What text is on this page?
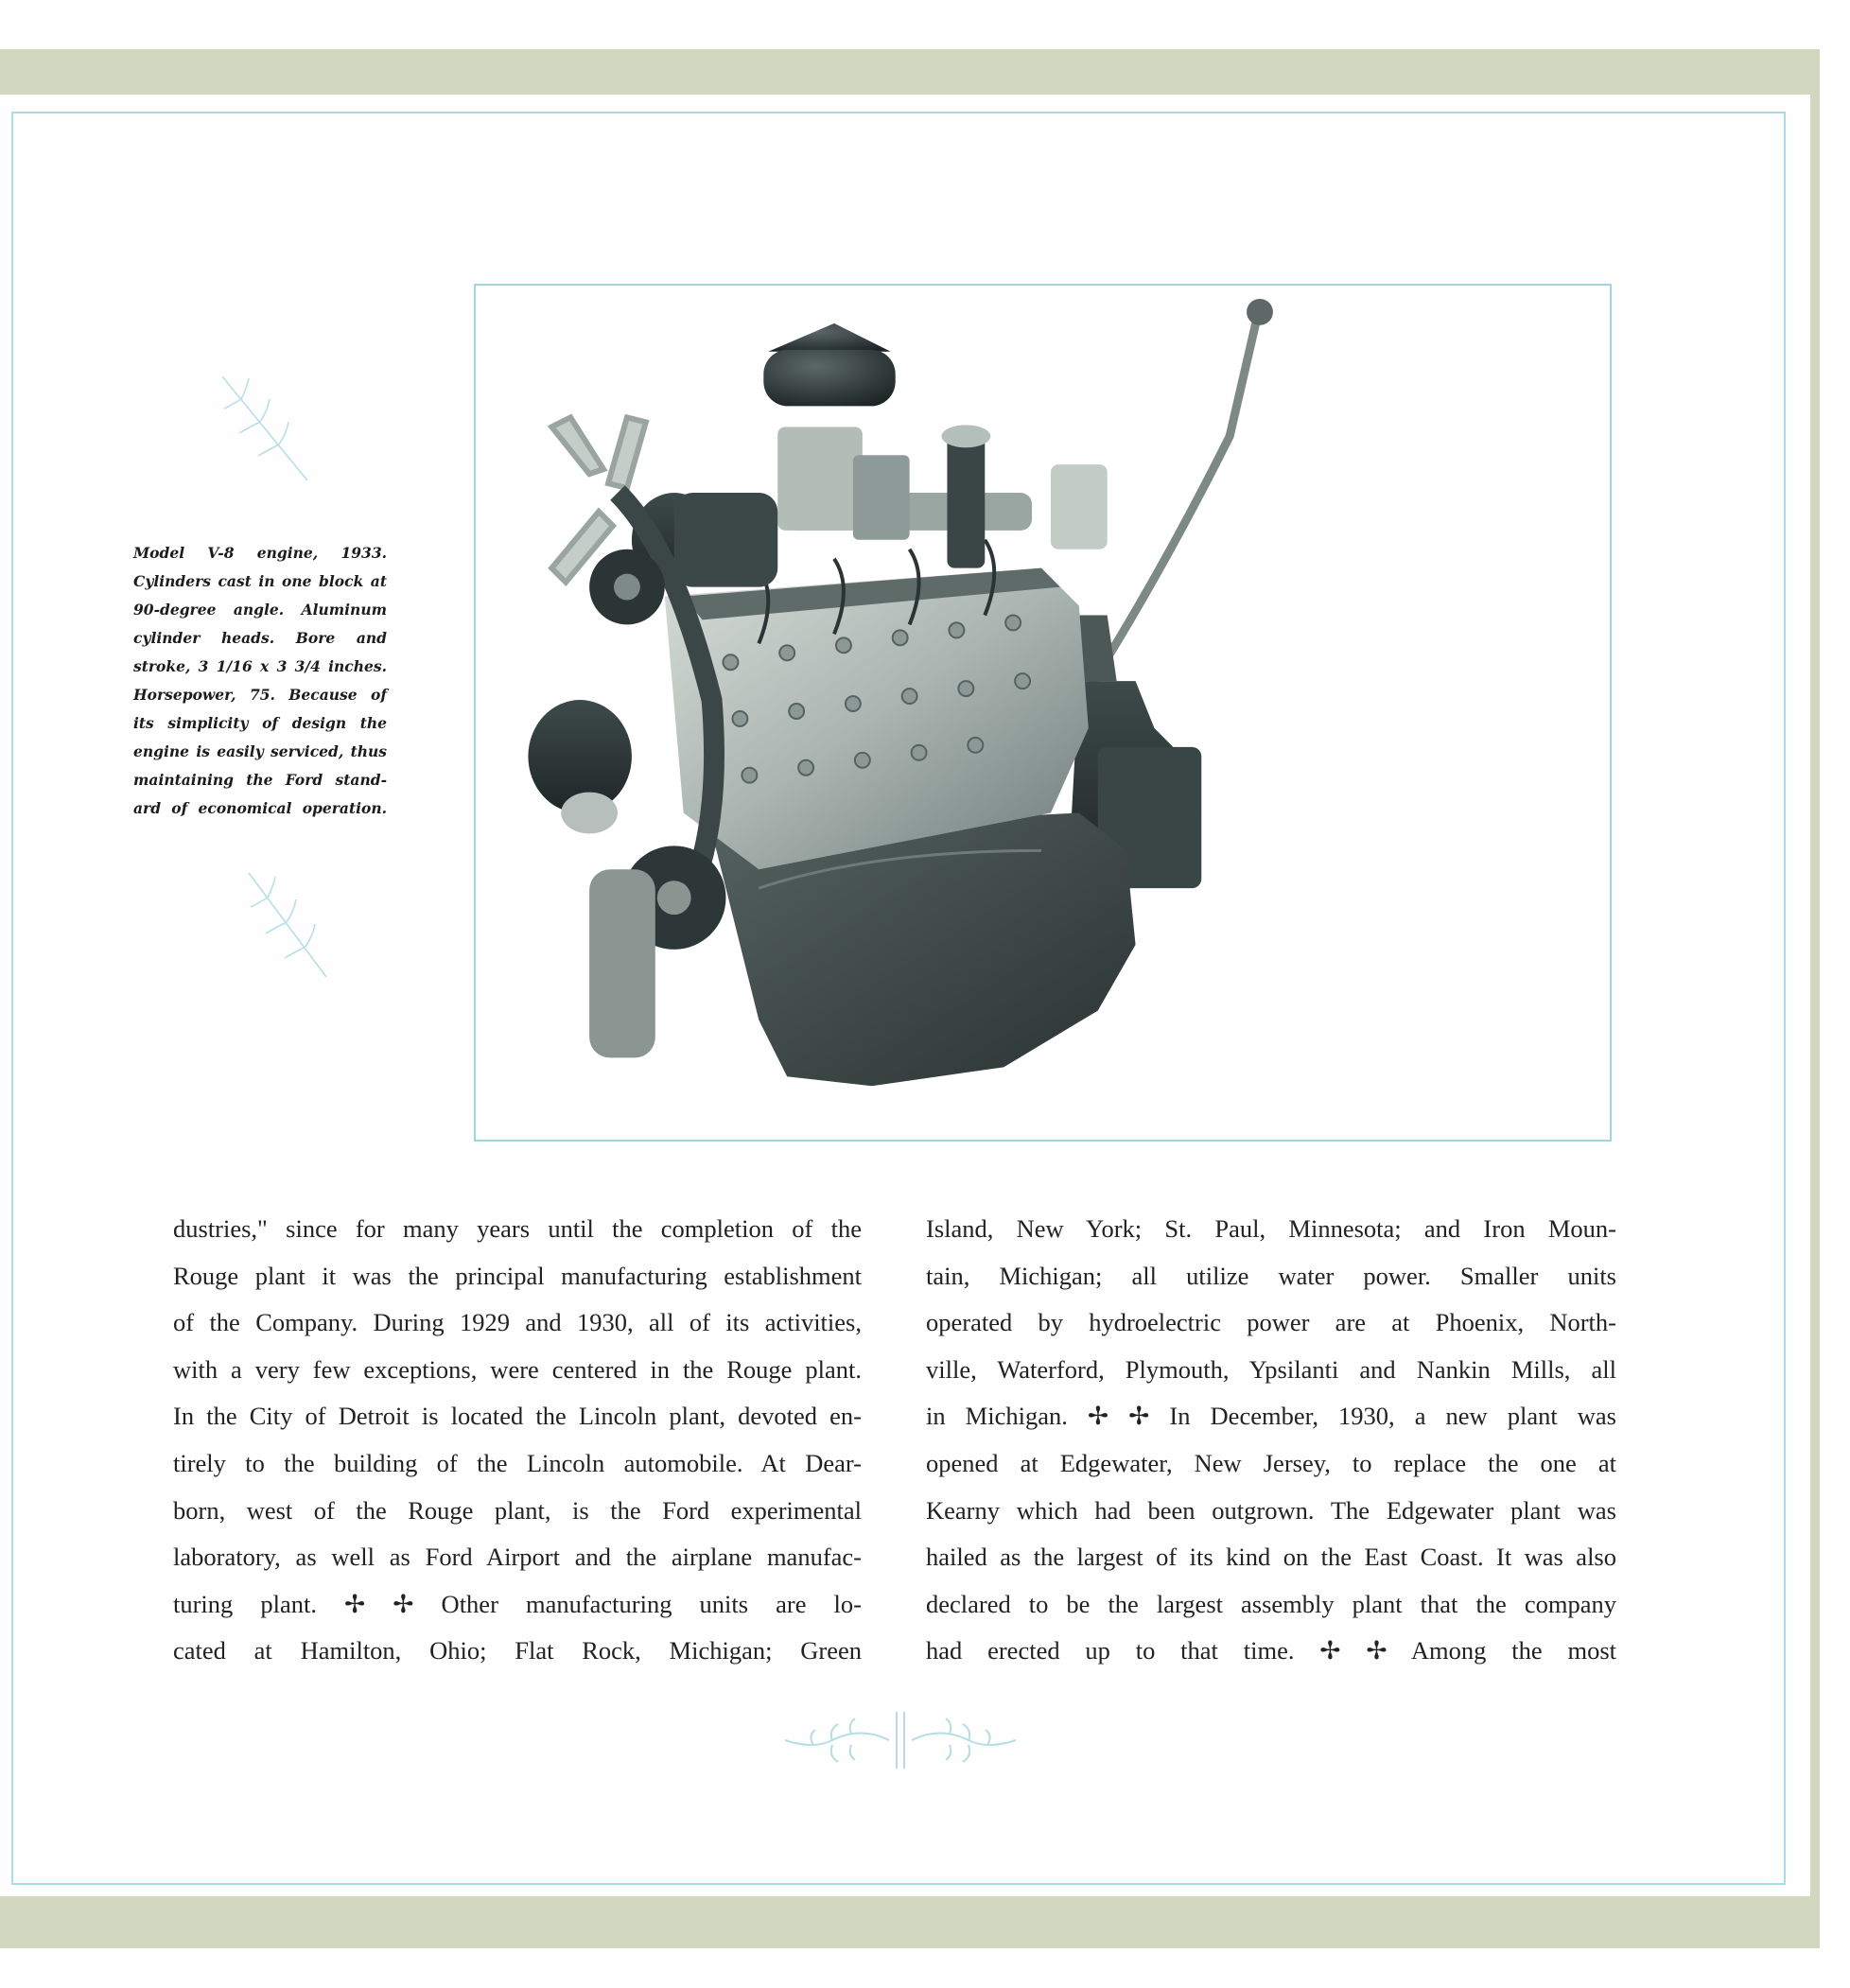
Model V-8 engine, 1933.
Cylinders cast in one block at
90-degree angle. Aluminum
cylinder heads. Bore and
stroke, 3 1/16 x 3 3/4 inches.
Horsepower, 75. Because of
its simplicity of design the
engine is easily serviced, thus
maintaining the Ford stand-
ard of economical operation.
dustries," since for many years until the completion of the
Rouge plant it was the principal manufacturing establishment
of the Company. During 1929 and 1930, all of its activities,
with a very few exceptions, were centered in the Rouge plant.
In the City of Detroit is located the Lincoln plant, devoted en-
tirely to the building of the Lincoln automobile. At Dear-
born, west of the Rouge plant, is the Ford experimental
laboratory, as well as Ford Airport and the airplane manufac-
turing plant. ✢ ✢ Other manufacturing units are lo-
cated at Hamilton, Ohio; Flat Rock, Michigan; Green
Island, New York; St. Paul, Minnesota; and Iron Moun-
tain, Michigan; all utilize water power. Smaller units
operated by hydroelectric power are at Phoenix, North-
ville, Waterford, Plymouth, Ypsilanti and Nankin Mills, all
in Michigan. ✢ ✢ In December, 1930, a new plant was
opened at Edgewater, New Jersey, to replace the one at
Kearny which had been outgrown. The Edgewater plant was
hailed as the largest of its kind on the East Coast. It was also
declared to be the largest assembly plant that the company
had erected up to that time. ✢ ✢ Among the most
